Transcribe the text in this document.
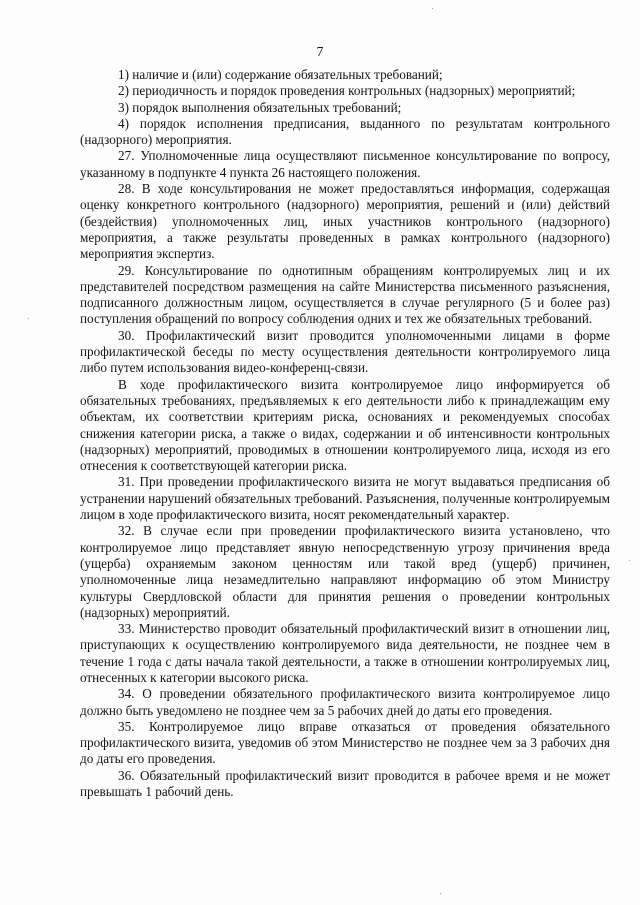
7

1) наличие и (или) содержание обязательных требований;

2) периодичность и порядок проведения контрольных (надзорных) мероприятий;

3) порядок выполнения обязательных требований;

4) порядок исполнения предписания, выданного по результатам контрольного (надзорного) мероприятия.

27. Уполномоченные лица осуществляют письменное консультирование по вопросу, указанному в подпункте 4 пункта 26 настоящего положения.

28. В ходе консультирования не может предоставляться информация, содержащая оценку конкретного контрольного (надзорного) мероприятия, решений и (или) действий (бездействия) уполномоченных лиц, иных участников контрольного (надзорного) мероприятия, а также результаты проведенных в рамках контрольного (надзорного) мероприятия экспертиз.

29. Консультирование по однотипным обращениям контролируемых лиц и их представителей посредством размещения на сайте Министерства письменного разъяснения, подписанного должностным лицом, осуществляется в случае регулярного (5 и более раз) поступления обращений по вопросу соблюдения одних и тех же обязательных требований.

30. Профилактический визит проводится уполномоченными лицами в форме профилактической беседы по месту осуществления деятельности контролируемого лица либо путем использования видео-конференц-связи.

В ходе профилактического визита контролируемое лицо информируется об обязательных требованиях, предъявляемых к его деятельности либо к принадлежащим ему объектам, их соответствии критериям риска, основаниях и рекомендуемых способах снижения категории риска, а также о видах, содержании и об интенсивности контрольных (надзорных) мероприятий, проводимых в отношении контролируемого лица, исходя из его отнесения к соответствующей категории риска.

31. При проведении профилактического визита не могут выдаваться предписания об устранении нарушений обязательных требований. Разъяснения, полученные контролируемым лицом в ходе профилактического визита, носят рекомендательный характер.

32. В случае если при проведении профилактического визита установлено, что контролируемое лицо представляет явную непосредственную угрозу причинения вреда (ущерба) охраняемым законом ценностям или такой вред (ущерб) причинен, уполномоченные лица незамедлительно направляют информацию об этом Министру культуры Свердловской области для принятия решения о проведении контрольных (надзорных) мероприятий.

33. Министерство проводит обязательный профилактический визит в отношении лиц, приступающих к осуществлению контролируемого вида деятельности, не позднее чем в течение 1 года с даты начала такой деятельности, а также в отношении контролируемых лиц, отнесенных к категории высокого риска.

34. О проведении обязательного профилактического визита контролируемое лицо должно быть уведомлено не позднее чем за 5 рабочих дней до даты его проведения.

35. Контролируемое лицо вправе отказаться от проведения обязательного профилактического визита, уведомив об этом Министерство не позднее чем за 3 рабочих дня до даты его проведения.

36. Обязательный профилактический визит проводится в рабочее время и не может превышать 1 рабочий день.
